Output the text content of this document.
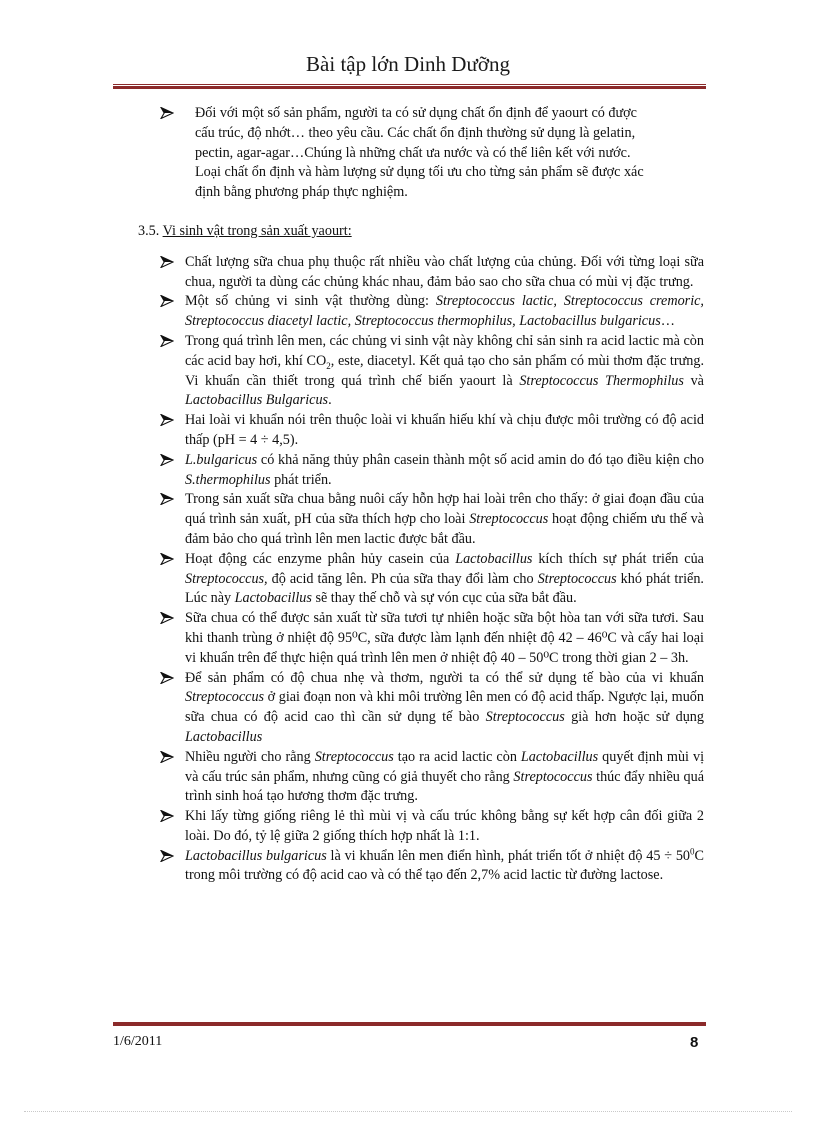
Bài tập lớn Dinh Dưỡng
Đối với một số sản phẩm, người ta có sử dụng chất ổn định để yaourt có được
cấu trúc, độ nhớt… theo yêu cầu. Các chất ổn định thường sử dụng là gelatin,
pectin, agar-agar…Chúng là những chất ưa nước và có thể liên kết với nước.
Loại chất ổn định và hàm lượng sử dụng tối ưu cho từng sản phẩm sẽ được xác
định bằng phương pháp thực nghiệm.
3.5. Vi sinh vật trong sản xuất yaourt:
Chất lượng sữa chua phụ thuộc rất nhiều vào chất lượng của chủng. Đối với từng loại sữa chua, người ta dùng các chủng khác nhau, đảm bảo sao cho sữa chua có mùi vị đặc trưng.
Một số chủng vi sinh vật thường dùng: Streptococcus lactic, Streptococcus cremoric, Streptococcus diacetyl lactic, Streptococcus thermophilus, Lactobacillus bulgaricus…
Trong quá trình lên men, các chủng vi sinh vật này không chỉ sản sinh ra acid lactic mà còn các acid bay hơi, khí $CO_2$, este, diacetyl. Kết quả tạo cho sản phẩm có mùi thơm đặc trưng. Vi khuẩn cần thiết trong quá trình chế biến yaourt là Streptococcus Thermophilus và Lactobacillus Bulgaricus.
Hai loài vi khuẩn nói trên thuộc loài vi khuẩn hiếu khí và chịu được môi trường có độ acid thấp (pH = 4 ÷ 4,5).
L.bulgaricus có khả năng thủy phân casein thành một số acid amin do đó tạo điều kiện cho S.thermophilus phát triển.
Trong sản xuất sữa chua bằng nuôi cấy hỗn hợp hai loài trên cho thấy: ở giai đoạn đầu của quá trình sản xuất, pH của sữa thích hợp cho loài Streptococcus hoạt động chiếm ưu thế và đảm bảo cho quá trình lên men lactic được bắt đầu.
Hoạt động các enzyme phân hủy casein của Lactobacillus kích thích sự phát triển của Streptococcus, độ acid tăng lên. Ph của sữa thay đổi làm cho Streptococcus khó phát triển. Lúc này Lactobacillus sẽ thay thế chỗ và sự vón cục của sữa bắt đầu.
Sữa chua có thể được sản xuất từ sữa tươi tự nhiên hoặc sữa bột hòa tan với sữa tươi. Sau khi thanh trùng ở nhiệt độ 95⁰C, sữa được làm lạnh đến nhiệt độ 42 – 46⁰C và cấy hai loại vi khuẩn trên để thực hiện quá trình lên men ở nhiệt độ 40 – 50⁰C trong thời gian 2 – 3h.
Để sản phẩm có độ chua nhẹ và thơm, người ta có thể sử dụng tế bào của vi khuẩn Streptococcus ở giai đoạn non và khi môi trường lên men có độ acid thấp. Ngược lại, muốn sữa chua có độ acid cao thì cần sử dụng tế bào Streptococcus già hơn hoặc sử dụng Lactobacillus
Nhiều người cho rằng Streptococcus tạo ra acid lactic còn Lactobacillus quyết định mùi vị và cấu trúc sản phẩm, nhưng cũng có giả thuyết cho rằng Streptococcus thúc đẩy nhiều quá trình sinh hoá tạo hương thơm đặc trưng.
Khi lấy từng giống riêng lẻ thì mùi vị và cấu trúc không bằng sự kết hợp cân đối giữa 2 loài. Do đó, tỷ lệ giữa 2 giống thích hợp nhất là 1:1.
Lactobacillus bulgaricus là vi khuẩn lên men điển hình, phát triển tốt ở nhiệt độ $45 \div 50^0C$ trong môi trường có độ acid cao và có thể tạo đến 2,7% acid lactic từ đường lactose.
1/6/2011	8
